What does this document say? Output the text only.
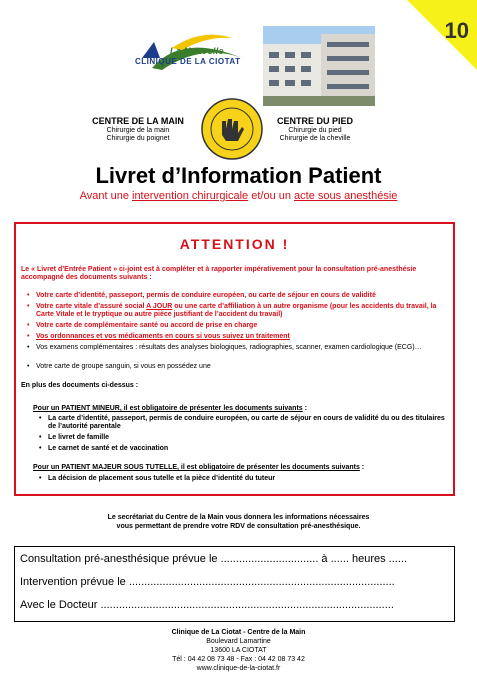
10
La Nouvelle
CLINIQUE DE LA CIOTAT
CENTRE DE LA MAIN
Chirurgie de la main
Chirurgie du poignet
CENTRE DU PIED
Chirurgie du pied
Chirurgie de la cheville
Livret d’Information Patient
Avant une intervention chirurgicale et/ou un acte sous anesthésie
ATTENTION !
Le « Livret d’Entrée Patient » ci-joint est à compléter et à rapporter impérativement pour la consultation pré-anesthésie accompagné des documents suivants :
• Votre carte d’identité, passeport, permis de conduire européen, ou carte de séjour en cours de validité
• Votre carte vitale d’assuré social A JOUR ou une carte d’affiliation à un autre organisme (pour les accidents du travail, la Carte Vitale et le tryptique ou autre pièce justifiant de l’accident du travail)
• Votre carte de complémentaire santé ou accord de prise en charge
• Vos ordonnances et vos médicaments en cours si vous suivez un traitement
• Vos examens complémentaires : résultats des analyses biologiques, radiographies, scanner, examen cardiologique (ECG)…
• Votre carte de groupe sanguin, si vous en possédez une
En plus des documents ci-dessus :
Pour un PATIENT MINEUR, il est obligatoire de présenter les documents suivants :
• La carte d’identité, passeport, permis de conduire européen, ou carte de séjour en cours de validité du ou des titulaires de l’autorité parentale
• Le livret de famille
• Le carnet de santé et de vaccination
Pour un PATIENT MAJEUR SOUS TUTELLE, il est obligatoire de présenter les documents suivants :
• La décision de placement sous tutelle et la pièce d’identité du tuteur
Le secrétariat du Centre de la Main vous donnera les informations nécessaires
vous permettant de prendre votre RDV de consultation pré-anesthésique.
Consultation pré-anesthésique prévue le ................................ à ...... heures ......
Intervention prévue le .......................................................................................
Avec le Docteur ................................................................................................
Clinique de La Ciotat - Centre de la Main
Boulevard Lamartine
13600 LA CIOTAT
Tél : 04 42 08 73 48 - Fax : 04 42 08 73 42
www.clinique-de-la-ciotat.fr
